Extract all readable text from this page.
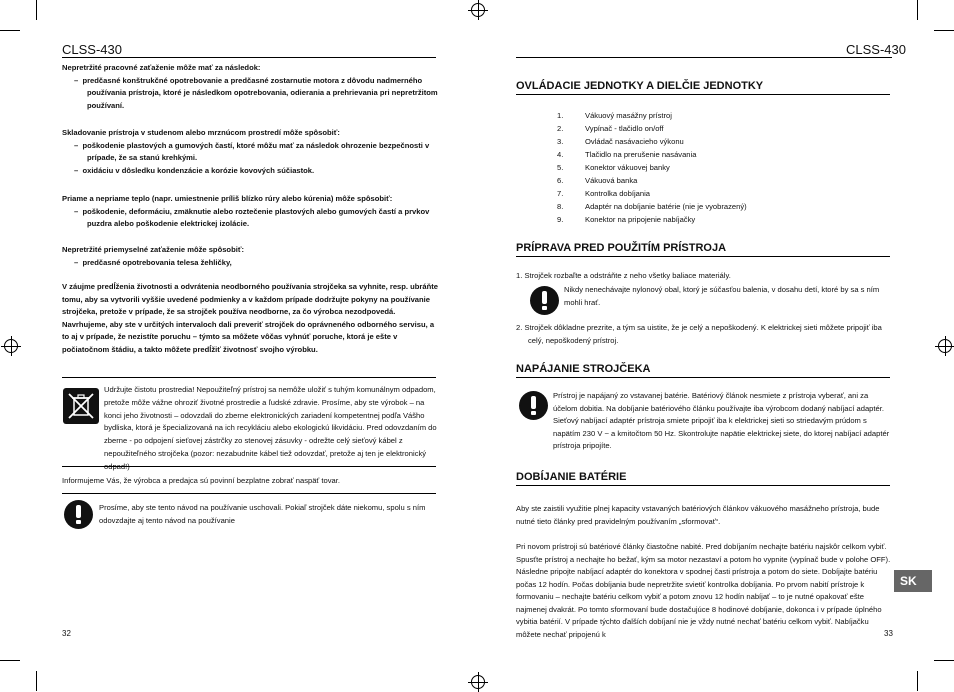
CLSS-430
Nepretržité pracovné zaťaženie môže mať za následok:
–  predčasné konštrukčné opotrebovanie a predčasné zostarnutie motora z dôvodu nadmerného používania prístroja, ktoré je následkom opotrebovania, odierania a prehrievania pri nepretržitom používaní.
Skladovanie prístroja v studenom alebo mrznúcom prostredí môže spôsobiť:
–  poškodenie plastových a gumových častí, ktoré môžu mať za následok ohrozenie bezpečnosti v prípade, že sa stanú krehkými.
–  oxidáciu v dôsledku kondenzácie a korózie kovových súčiastok.
Priame a nepriame teplo (napr. umiestnenie príliš blízko rúry alebo kúrenia) môže spôsobiť:
–  poškodenie, deformáciu, zmäknutie alebo roztečenie plastových alebo gumových častí a prvkov puzdra alebo poškodenie elektrickej izolácie.
Nepretržité priemyselné zaťaženie môže spôsobiť:
–  predčasné opotrebovania telesa žehličky,
V záujme predĺženia životnosti a odvrátenia neodborného používania strojčeka sa vyhnite, resp. ubráňte tomu, aby sa vytvorili vyššie uvedené podmienky a v každom prípade dodržujte pokyny na používanie strojčeka, pretože v prípade, že sa strojček používa neodborne, za čo výrobca nezodpovedá. Navrhujeme, aby ste v určitých intervaloch dali preveriť strojček do oprávneného odborného servisu, a to aj v prípade, že nezistíte poruchu – týmto sa môžete vôčas vyhnúť poruche, ktorá je ešte v počiatočnom štádiu, a takto môžete predĺžiť životnosť svojho výrobku.
Udržujte čistotu prostredia! Nepoužiteľný prístroj sa nemôže uložiť s tuhým komunálnym odpadom, pretože môže vážne ohroziť životné prostredie a ľudské zdravie. Prosíme, aby ste výrobok – na konci jeho životnosti – odovzdali do zberne elektronických zariadení kompetentnej podľa Vášho bydliska, ktorá je špecializovaná na ich recykláciu alebo ekologickú likvidáciu. Pred odovzdaním do zberne - po odpojení sieťovej zástrčky zo stenovej zásuvky - odrežte celý sieťový kábel z nepoužiteľného strojčeka (pozor: nezabudnite kábel tiež odovzdať, pretože aj ten je elektronický
Informujeme Vás, že výrobca a predajca sú povinní bezplatne zobrať naspäť tovar.
Prosíme, aby ste tento návod na používanie uschovali. Pokiaľ strojček dáte niekomu, spolu s ním odovzdajte aj tento návod na používanie
32
CLSS-430
OVLÁDACIE JEDNOTKY A DIELČIE JEDNOTKY
1.	Vákuový masážny prístroj
2.	Vypínač - tlačidlo on/off
3.	Ovládač nasávacieho výkonu
4.	Tlačidlo na prerušenie nasávania
5.	Konektor vákuovej banky
6.	Vákuová banka
7.	Kontrolka dobíjania
8.	Adaptér na dobíjanie batérie (nie je vyobrazený)
9.	Konektor na pripojenie nabíjačky
PRÍPRAVA PRED POUŽITÍM PRÍSTROJA
1. Strojček rozbaľte a odstráňte z neho všetky baliace materiály.
Nikdy nenechávajte nylonový obal, ktorý je súčasťou balenia, v dosahu detí, ktoré by sa s ním mohli hrať.
2. Strojček dôkladne prezrite, a tým sa uistite, že je celý a nepoškodený. K elektrickej sieti môžete pripojiť iba celý, nepoškodený prístroj.
NAPÁJANIE STROJČEKA
Prístroj je napájaný zo vstavanej batérie. Batériový článok nesmiete z prístroja vyberať, ani za účelom dobitia. Na dobíjanie batériového článku používajte iba výrobcom dodaný nabíjací adaptér. Sieťový nabíjací adaptér prístroja smiete pripojiť iba k elektrickej sieti so striedavým prúdom s napätím 230 V ~ a kmitočtom 50 Hz. Skontrolujte napätie elektrickej siete, do ktorej nabíjací adaptér prístroja pripojíte.
DOBÍJANIE BATÉRIE
Aby ste zaistili využitie plnej kapacity vstavaných batériových článkov vákuového masážneho prístroja, bude nutné tieto články pred pravidelným používaním „sformovať“.
Pri novom prístroji sú batériové články čiastočne nabité. Pred dobíjaním nechajte batériu najskôr celkom vybiť. Spusťte prístroj a nechajte ho bežať, kým sa motor nezastaví a potom ho vypnite (vypínač bude v polohe OFF). Následne pripojte nabíjací adaptér do konektora v spodnej časti prístroja a potom do siete. Dobíjajte batériu počas 12 hodín. Počas dobíjania bude nepretržite svietiť kontrolka dobíjania. Po prvom nabití prístroje k formovaniu – nechajte batériu celkom vybiť a potom znovu 12 hodín nabíjať – to je nutné opakovať ešte najmenej dvakrát. Po tomto sformovaní bude dostačujúce 8 hodinové dobíjanie, dokonca i v prípade úplného vybitia batérií. V prípade týchto ďalších dobíjaní nie je vždy nutné nechať batériu celkom vybiť. Nabíjačku môžete nechať pripojenú k
SK
33
